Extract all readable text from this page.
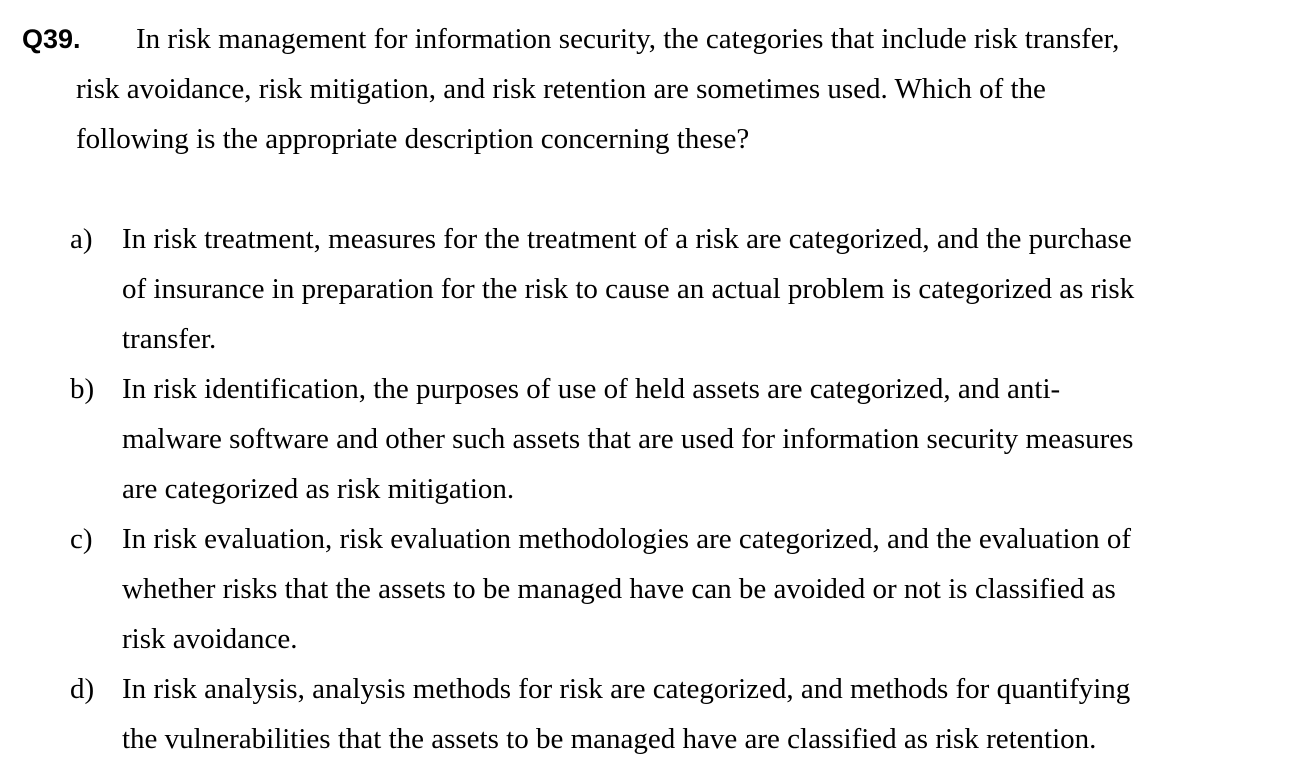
Q39. In risk management for information security, the categories that include risk transfer,
risk avoidance, risk mitigation, and risk retention are sometimes used. Which of the
following is the appropriate description concerning these?
a) In risk treatment, measures for the treatment of a risk are categorized, and the purchase
of insurance in preparation for the risk to cause an actual problem is categorized as risk
transfer.
b) In risk identification, the purposes of use of held assets are categorized, and anti-
malware software and other such assets that are used for information security measures
are categorized as risk mitigation.
c) In risk evaluation, risk evaluation methodologies are categorized, and the evaluation of
whether risks that the assets to be managed have can be avoided or not is classified as
risk avoidance.
d) In risk analysis, analysis methods for risk are categorized, and methods for quantifying
the vulnerabilities that the assets to be managed have are classified as risk retention.
